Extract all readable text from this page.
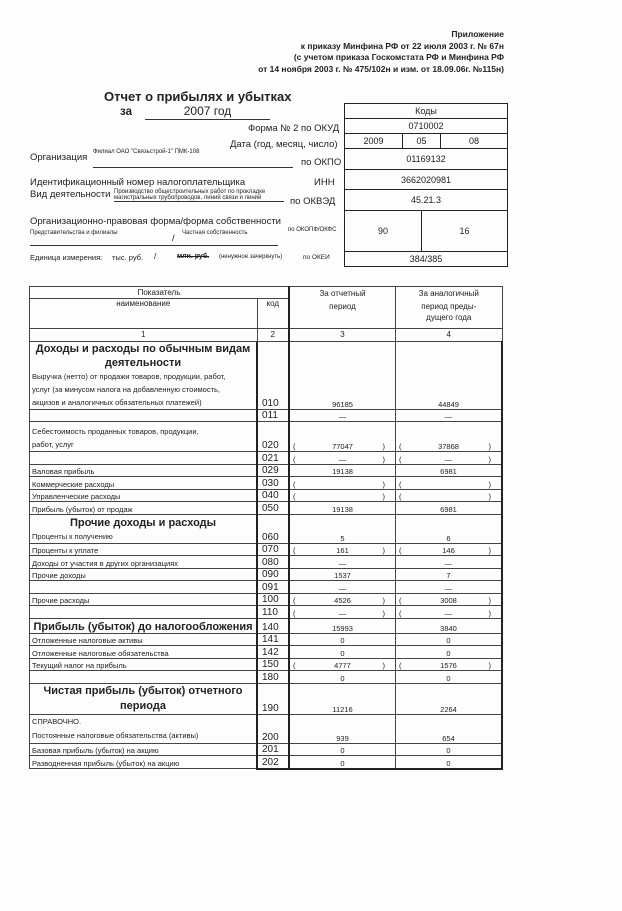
Приложение
к приказу Минфина РФ от 22 июля 2003 г. № 67н
(с учетом приказа Госкомстата РФ и Минфина РФ
от 14 ноября 2003 г. № 475/102н и изм. от 18.09.06г. №115н)
Отчет о прибылях и убытках
за	2007 год
Форма № 2 по ОКУД
Дата (год, месяц, число)
Организация Филиал ОАО "Связьстрой-1" ПМК-108
по ОКПО
Идентификационный номер налогоплательщика	ИНН
Вид деятельности Производство общестроительных работ по прокладке
магистральных трубопроводов, линий связи и линий	по ОКВЭД
Организационно-правовая форма/форма собственности
Представительства и филиалы	Частная собственность
/
по ОКОПФ/ОКФС
Единица измерения: тыс. руб. /	млн. руб. (ненужное зачеркнуть)	по ОКЕИ
Коды
0710002
2009	05	08
01169132
3662020981
45.21.3
90	16
384/385
Показатель	За отчетный
период

За аналогичный
период преды-
дущего года

наименование	код		
1	2	3	4

Доходы и расходы по обычным видам деятельности
Выручка (нетто) от продажи товаров, продукции, работ,
услуг (за минусом налога на добавленную стоимость,
акцизов и аналогичных обязательных платежей)	010	96185	44849
	011	—	—

Себестоимость проданных товаров, продукции,
работ, услуг	020	(	77047	)	(	37868	)

	021	( — )	( — )

Валовая прибыль	029	19138	6981
Коммерческие расходы	030	( )	( )

Управленческие расходы	040	( )	( )

Прибыль (убыток) от продаж	050	19138	6981

Прочие доходы и расходы
Проценты к получению	060	5	6
Проценты к уплате	070	( 161 )	( 146 )

Доходы от участия в других организациях	080	—	—
Прочие доходы	090	1537	7
	091	—	—
Прочие расходы	100	( 4526 )	( 3008 )

	110	( — )	( — )

Прибыль (убыток) до налогообложения	140	15993	3840
Отложенные налоговые активы	141	0	0
Отложенные налоговые обязательства	142	0	0
Текущий налог на прибыль	150	( 4777 )	( 1576 )

	180	0	0

Чистая прибыль (убыток) отчетного
периода	190	11216	2264

СПРАВОЧНО.
Постоянные налоговые обязательства (активы)	200	939	654
Базовая прибыль (убыток) на акцию	201	0	0
Разводненная прибыль (убыток) на акцию	202	0	0
